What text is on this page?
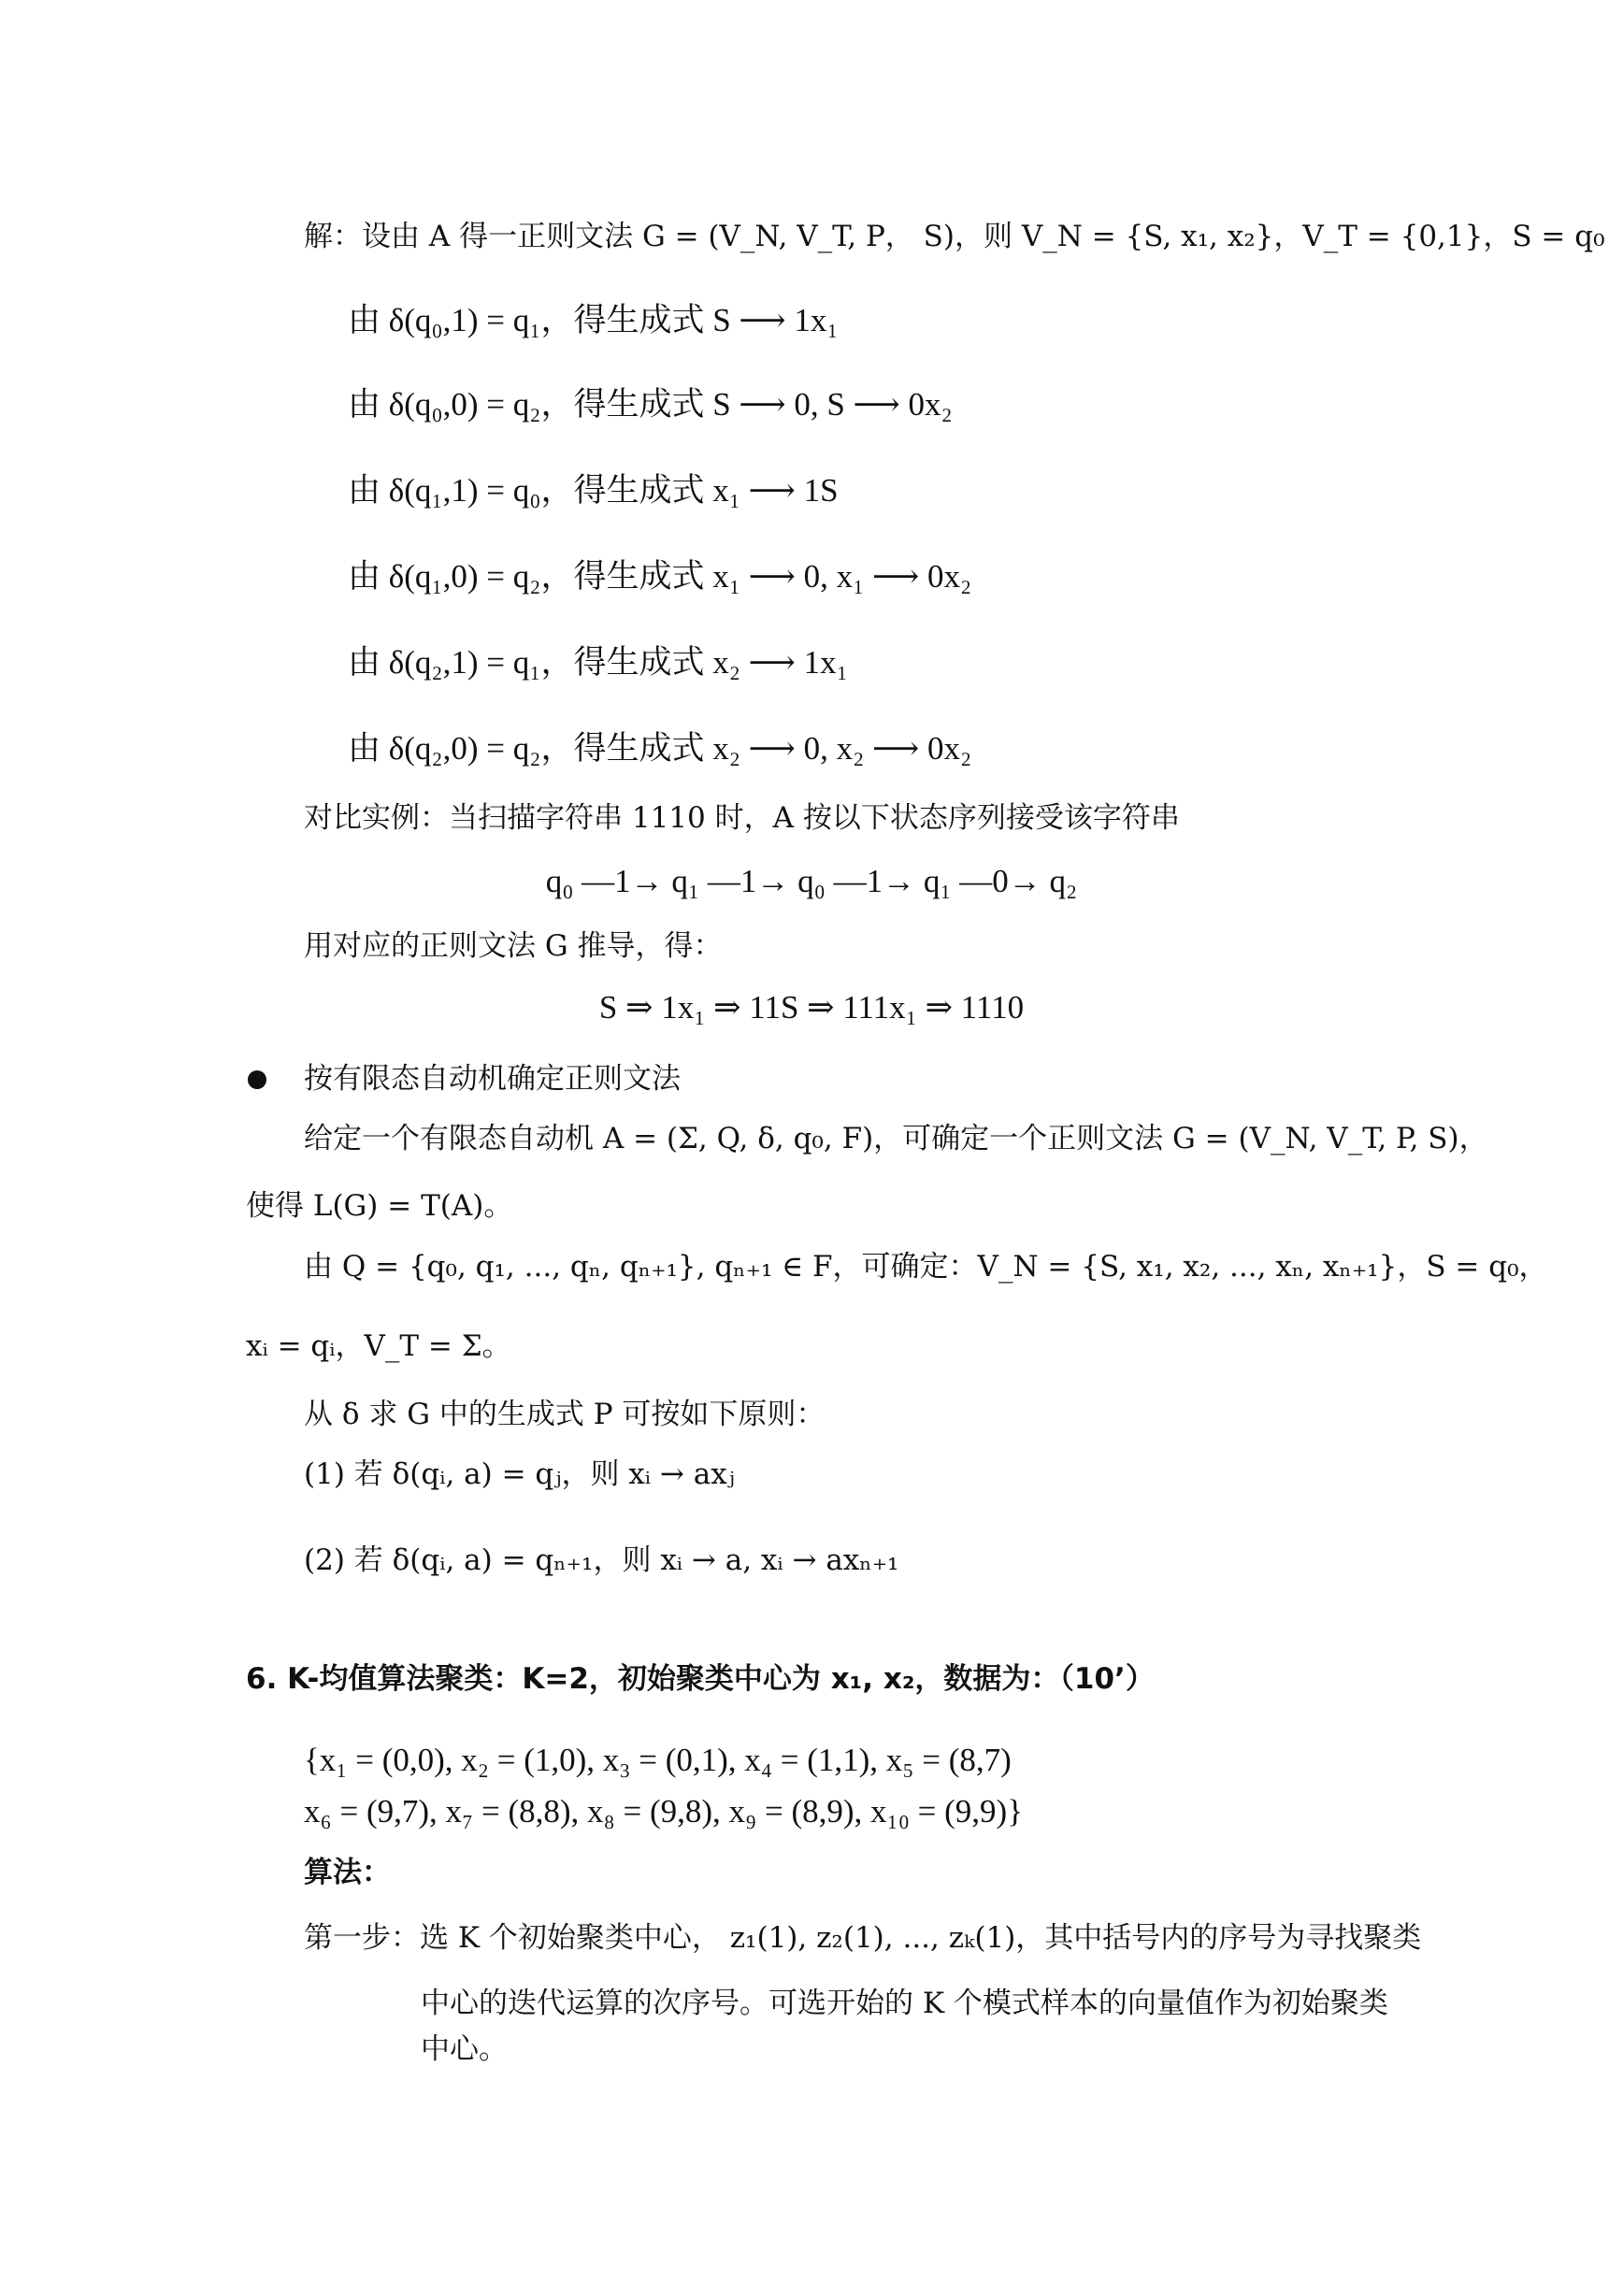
解：设由 A 得一正则文法 G = (V_N, V_T, P， S)，则 V_N = {S, x₁, x₂}，V_T = {0,1}，S = q₀
由 δ(q₀,1) = q₁，得生成式 S ⟶ 1x₁
由 δ(q₀,0) = q₂，得生成式 S ⟶ 0, S ⟶ 0x₂
由 δ(q₁,1) = q₀，得生成式 x₁ ⟶ 1S
由 δ(q₁,0) = q₂，得生成式 x₁ ⟶ 0, x₁ ⟶ 0x₂
由 δ(q₂,1) = q₁，得生成式 x₂ ⟶ 1x₁
由 δ(q₂,0) = q₂，得生成式 x₂ ⟶ 0, x₂ ⟶ 0x₂
对比实例：当扫描字符串 1110 时，A 按以下状态序列接受该字符串
q₀ —1→ q₁ —1→ q₀ —1→ q₁ —0→ q₂
用对应的正则文法 G 推导，得：
S ⇒ 1x₁ ⇒ 11S ⇒ 111x₁ ⇒ 1110
按有限态自动机确定正则文法
给定一个有限态自动机 A = (Σ, Q, δ, q₀, F)，可确定一个正则文法 G = (V_N, V_T, P, S)，
使得 L(G) = T(A)。
由 Q = {q₀, q₁, ..., qₙ, qₙ₊₁}, qₙ₊₁ ∈ F，可确定：V_N = {S, x₁, x₂, ..., xₙ, xₙ₊₁}，S = q₀，
xᵢ = qᵢ，V_T = Σ。
从 δ 求 G 中的生成式 P 可按如下原则：
(1) 若 δ(qᵢ, a) = qⱼ，则 xᵢ → axⱼ
(2) 若 δ(qᵢ, a) = qₙ₊₁，则 xᵢ → a, xᵢ → axₙ₊₁
6. K-均值算法聚类：K=2，初始聚类中心为 x₁, x₂，数据为：（10’）
{x₁ = (0,0), x₂ = (1,0), x₃ = (0,1), x₄ = (1,1), x₅ = (8,7)
x₆ = (9,7), x₇ = (8,8), x₈ = (9,8), x₉ = (8,9), x₁₀ = (9,9)}
算法：
第一步：选 K 个初始聚类中心， z₁(1), z₂(1), ..., zₖ(1)，其中括号内的序号为寻找聚类
中心的迭代运算的次序号。可选开始的 K 个模式样本的向量值作为初始聚类
中心。
